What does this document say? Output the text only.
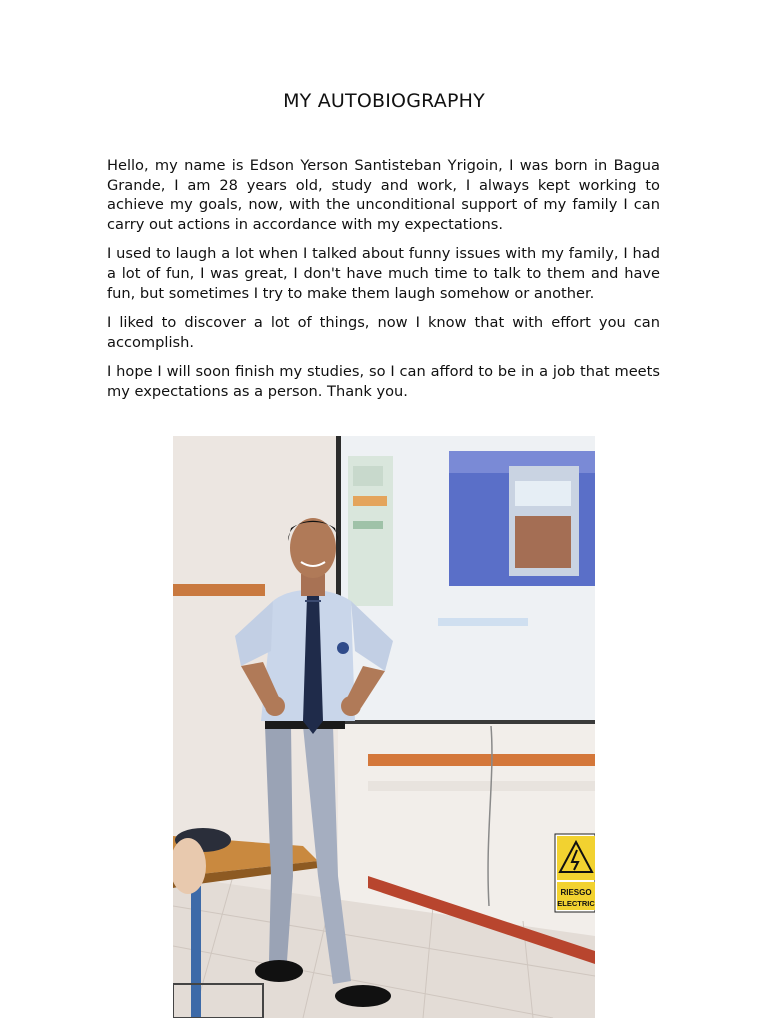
MY AUTOBIOGRAPHY

Hello, my name is Edson Yerson Santisteban Yrigoin, I was born in Bagua Grande, I am 28 years old, study and work, I always kept working to achieve my goals, now, with the unconditional support of my family I can carry out actions in accordance with my expectations.

I used to laugh a lot when I talked about funny issues with my family, I had a lot of fun, I was great, I don't have much time to talk to them and have fun, but sometimes I try to make them laugh somehow or another.

I liked to discover a lot of things, now I know that with effort you can accomplish.

I hope I will soon finish my studies, so I can afford to be in a job that meets my expectations as a person. Thank you.

RIESGO
ELECTRIC
